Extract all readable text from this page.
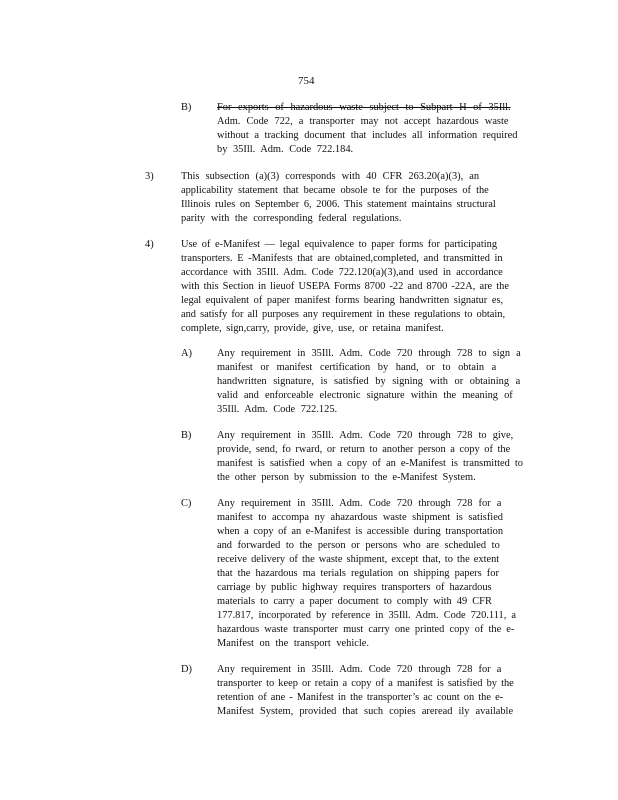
754
B) For exports of hazardous waste subject to Subpart H of 35Ill.
Adm. Code 722, a transporter may not accept hazardous waste
without a tracking document that includes all information required
by 35Ill. Adm. Code 722.184.
3)	This subsection (a)(3) corresponds with 40 CFR 263.20(a)(3), an
applicability statement that became obsole te for the purposes of the
Illinois rules on September 6, 2006. This statement maintains structural
parity with the corresponding federal regulations.
4)	Use of e-Manifest — legal equivalence to paper forms for participating
transporters. E -Manifests that are obtained,completed, and transmitted in
accordance with 35Ill. Adm. Code 722.120(a)(3),and used in accordance
with this Section in lieuof USEPA Forms 8700 -22 and 8700 -22A, are the
legal equivalent of paper manifest forms bearing handwritten signatur es,
and satisfy for all purposes any requirement in these regulations to obtain,
complete, sign,carry, provide, give, use, or retaina manifest.
A) Any requirement in 35Ill. Adm. Code 720 through 728 to sign a
manifest or manifest certification by hand, or to obtain a
handwritten signature, is satisfied by signing with or obtaining a
valid and enforceable electronic signature within the meaning of
35Ill. Adm. Code 722.125.
B) Any requirement in 35Ill. Adm. Code 720 through 728 to give,
provide, send, fo rward, or return to another person a copy of the
manifest is satisfied when a copy of an e-Manifest is transmitted to
the other person by submission to the e-Manifest System.
C) Any requirement in 35Ill. Adm. Code 720 through 728 for a
manifest to accompa ny ahazardous waste shipment is satisfied
when a copy of an e-Manifest is accessible during transportation
and forwarded to the person or persons who are scheduled to
receive delivery of the waste shipment, except that, to the extent
that the hazardous ma terials regulation on shipping papers for
carriage by public highway requires transporters of hazardous
materials to carry a paper document to comply with 49 CFR
177.817, incorporated by reference in 35Ill. Adm. Code 720.111, a
hazardous waste transporter must carry one printed copy of the e-
Manifest on the transport vehicle.
D) Any requirement in 35Ill. Adm. Code 720 through 728 for a
transporter to keep or retain a copy of a manifest is satisfied by the
retention of ane - Manifest in the transporter’s ac count on the e-
Manifest System, provided that such copies areread ily available
